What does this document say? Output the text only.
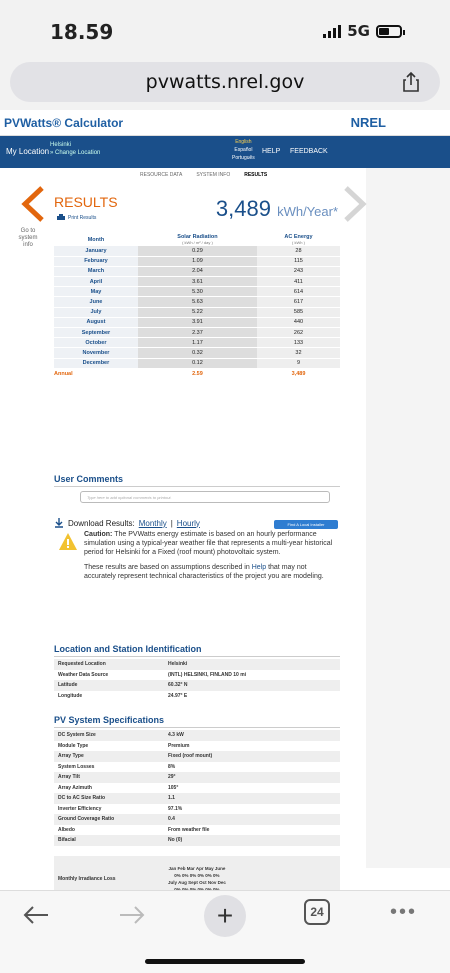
18.59	5G
pvwatts.nrel.gov
PVWatts® Calculator	NREL
My Location
Helsinki
» Change Location
English
Español
Português
HELP FEEDBACK
RESOURCE DATA	SYSTEM INFO	RESULTS
Go to system info
RESULTS
Print Results	3,489 kWh/Year*
Month	Solar Radiation
( kWh / m² / day )	AC Energy
( kWh )
January	0.29	28
February	1.09	115
March	2.04	243
April	3.61	411
May	5.30	614
June	5.63	617
July	5.22	585
August	3.91	440
September	2.37	262
October	1.17	133
November	0.32	32
December	0.12	9
Annual	2.59	3,489
User Comments
Type here to add optional comments to printout.
Download Results: Monthly | Hourly	Find A Local Installer

Caution: The PVWatts energy estimate is based on an hourly performance simulation using a typical-year weather file that represents a multi-year historical period for Helsinki for a Fixed (roof mount) photovoltaic system.

These results are based on assumptions described in Help that may not accurately represent technical characteristics of the project you are modeling.

Location and Station Identification
Requested Location	Helsinki
Weather Data Source	(INTL) HELSINKI, FINLAND 10 mi
Latitude	60.32° N
Longitude	24.97° E
PV System Specifications
DC System Size	4.3 kW
Module Type	Premium
Array Type	Fixed (roof mount)
System Losses	8%
Array Tilt	29°
Array Azimuth	105°
DC to AC Size Ratio	1.1
Inverter Efficiency	97.1%
Ground Coverage Ratio	0.4
Albedo	From weather file
Bifacial	No (0)
Monthly Irradiance Loss	
Jan Feb Mar Apr May June
0% 0% 0% 0% 0% 0%
July Aug Sept Oct Nov Dec

+	24	•••
